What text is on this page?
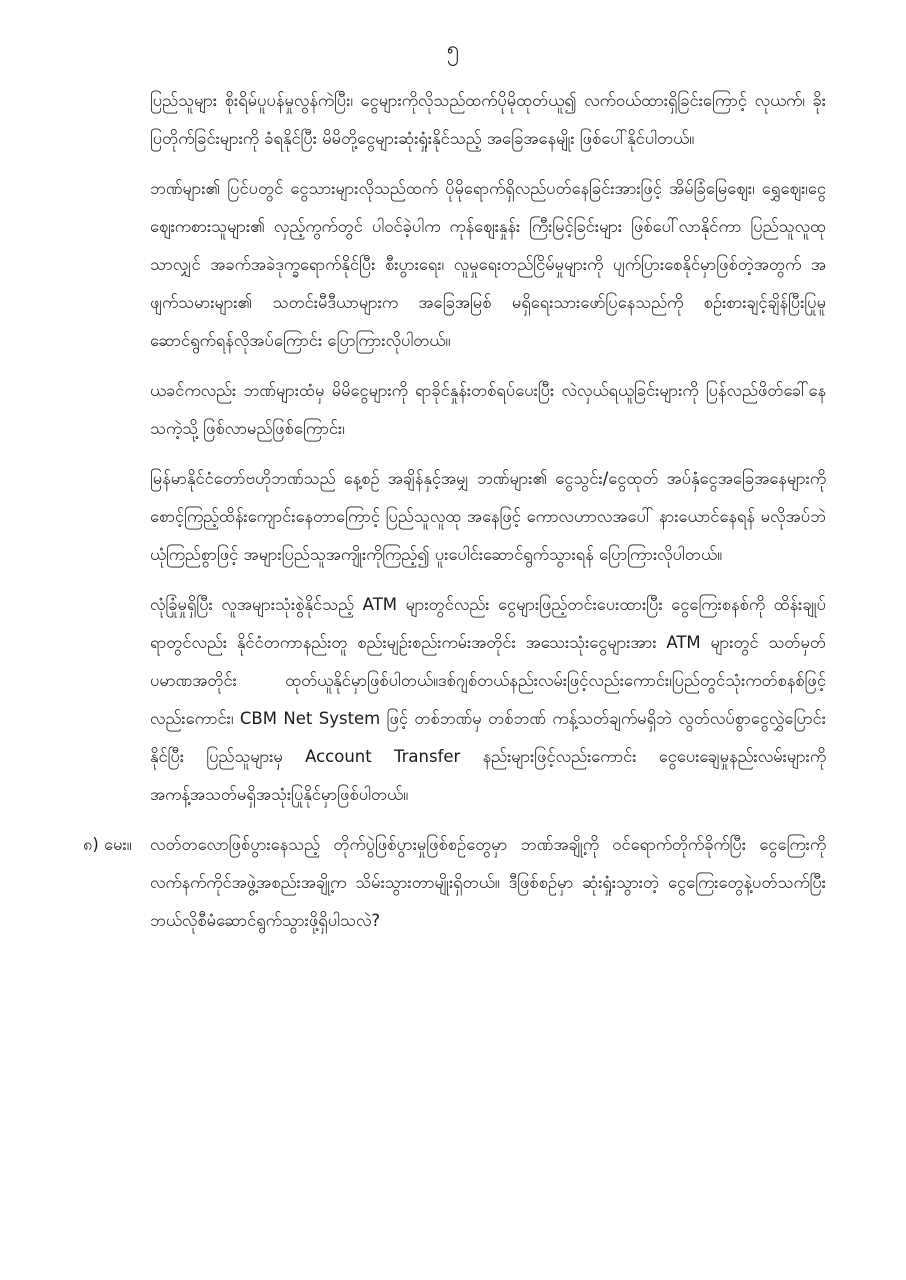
၅

ပြည်သူများ စိုးရိမ်ပူပန်မှုလွန်ကဲပြီး၊ ငွေများကိုလိုသည်ထက်ပိုမိုထုတ်ယူ၍ လက်ဝယ်ထားရှိခြင်းကြောင့် လုယက်၊ ခိုးပြတိုက်ခြင်းများကို ခံရနိုင်ပြီး မိမိတို့ငွေများဆုံးရှုံးနိုင်သည့် အခြေအနေမျိုး ဖြစ်ပေါ်နိုင်ပါတယ်။

ဘဏ်များ၏ ပြင်ပတွင် ငွေသားများလိုသည်ထက် ပိုမိုရောက်ရှိလည်ပတ်နေခြင်းအားဖြင့် အိမ်ခြံမြေဈေး၊ ရွှေဈေး၊ငွေဈေးကစားသူများ၏ လှည့်ကွက်တွင် ပါဝင်ခဲ့ပါက ကုန်ဈေးနှုန်း ကြီးမြင့်ခြင်းများ ဖြစ်ပေါ်လာနိုင်ကာ ပြည်သူလူထုသာလျှင် အခက်အခဲဒုက္ခရောက်နိုင်ပြီး စီးပွားရေး၊ လူမှုရေးတည်ငြိမ်မှုများကို ပျက်ပြားစေနိုင်မှာဖြစ်တဲ့အတွက် အဖျက်သမားများ၏ သတင်းမီဒီယာများက အခြေအမြစ် မရှိရေးသားဖော်ပြနေသည်ကို စဉ်းစားချင့်ချိန်ပြီးပြုမူဆောင်ရွက်ရန်လိုအပ်ကြောင်း ပြောကြားလိုပါတယ်။

ယခင်ကလည်း ဘဏ်များထံမှ မိမိငွေများကို ရာခိုင်နှုန်းတစ်ရပ်ပေးပြီး လဲလှယ်ရယူခြင်းများကို ပြန်လည်ဖိတ်ခေါ်နေသကဲ့သို့ ဖြစ်လာမည်ဖြစ်ကြောင်း၊

မြန်မာနိုင်ငံတော်ဗဟိုဘဏ်သည် နေ့စဉ် အချိန်နှင့်အမျှ ဘဏ်များ၏ ငွေသွင်း/ငွေထုတ် အပ်နှံငွေအခြေအနေများကို စောင့်ကြည့်ထိန်းကျောင်းနေတာကြောင့် ပြည်သူလူထု အနေဖြင့် ကောလဟာလအပေါ် နားယောင်နေရန် မလိုအပ်ဘဲ ယုံကြည်စွာဖြင့် အများပြည်သူအကျိုးကိုကြည့်၍ ပူးပေါင်းဆောင်ရွက်သွားရန် ပြောကြားလိုပါတယ်။

လုံခြုံမှုရှိပြီး လူအများသုံးစွဲနိုင်သည့် ATM များတွင်လည်း ငွေများဖြည့်တင်းပေးထားပြီး ငွေကြေးစနစ်ကို ထိန်းချုပ်ရာတွင်လည်း နိုင်ငံတကာနည်းတူ စည်းမျဉ်းစည်းကမ်းအတိုင်း အသေးသုံးငွေများအား ATM များတွင် သတ်မှတ်ပမာဏအတိုင်း ထုတ်ယူနိုင်မှာဖြစ်ပါတယ်။ဒစ်ဂျစ်တယ်နည်းလမ်းဖြင့်လည်းကောင်း၊ပြည်တွင်သုံးကတ်စနစ်ဖြင့်လည်းကောင်း၊ CBM Net System ဖြင့် တစ်ဘဏ်မှ တစ်ဘဏ် ကန့်သတ်ချက်မရှိဘဲ လွတ်လပ်စွာငွေလွှဲပြောင်းနိုင်ပြီး ပြည်သူများမှ Account Transfer နည်းများဖြင့်လည်းကောင်း ငွေပေးချေမှုနည်းလမ်းများကို အကန့်အသတ်မရှိအသုံးပြုနိုင်မှာဖြစ်ပါတယ်။

၈) မေး။ လတ်တလောဖြစ်ပွားနေသည့် တိုက်ပွဲဖြစ်ပွားမှုဖြစ်စဉ်တွေမှာ ဘဏ်အချို့ကို ဝင်ရောက်တိုက်ခိုက်ပြီး ငွေကြေးကို လက်နက်ကိုင်အဖွဲ့အစည်းအချို့က သိမ်းသွားတာမျိုးရှိတယ်။ ဒီဖြစ်စဉ်မှာ ဆုံးရှုံးသွားတဲ့ ငွေကြေးတွေနဲ့ပတ်သက်ပြီး ဘယ်လိုစီမံဆောင်ရွက်သွားဖို့ရှိပါသလဲ?
